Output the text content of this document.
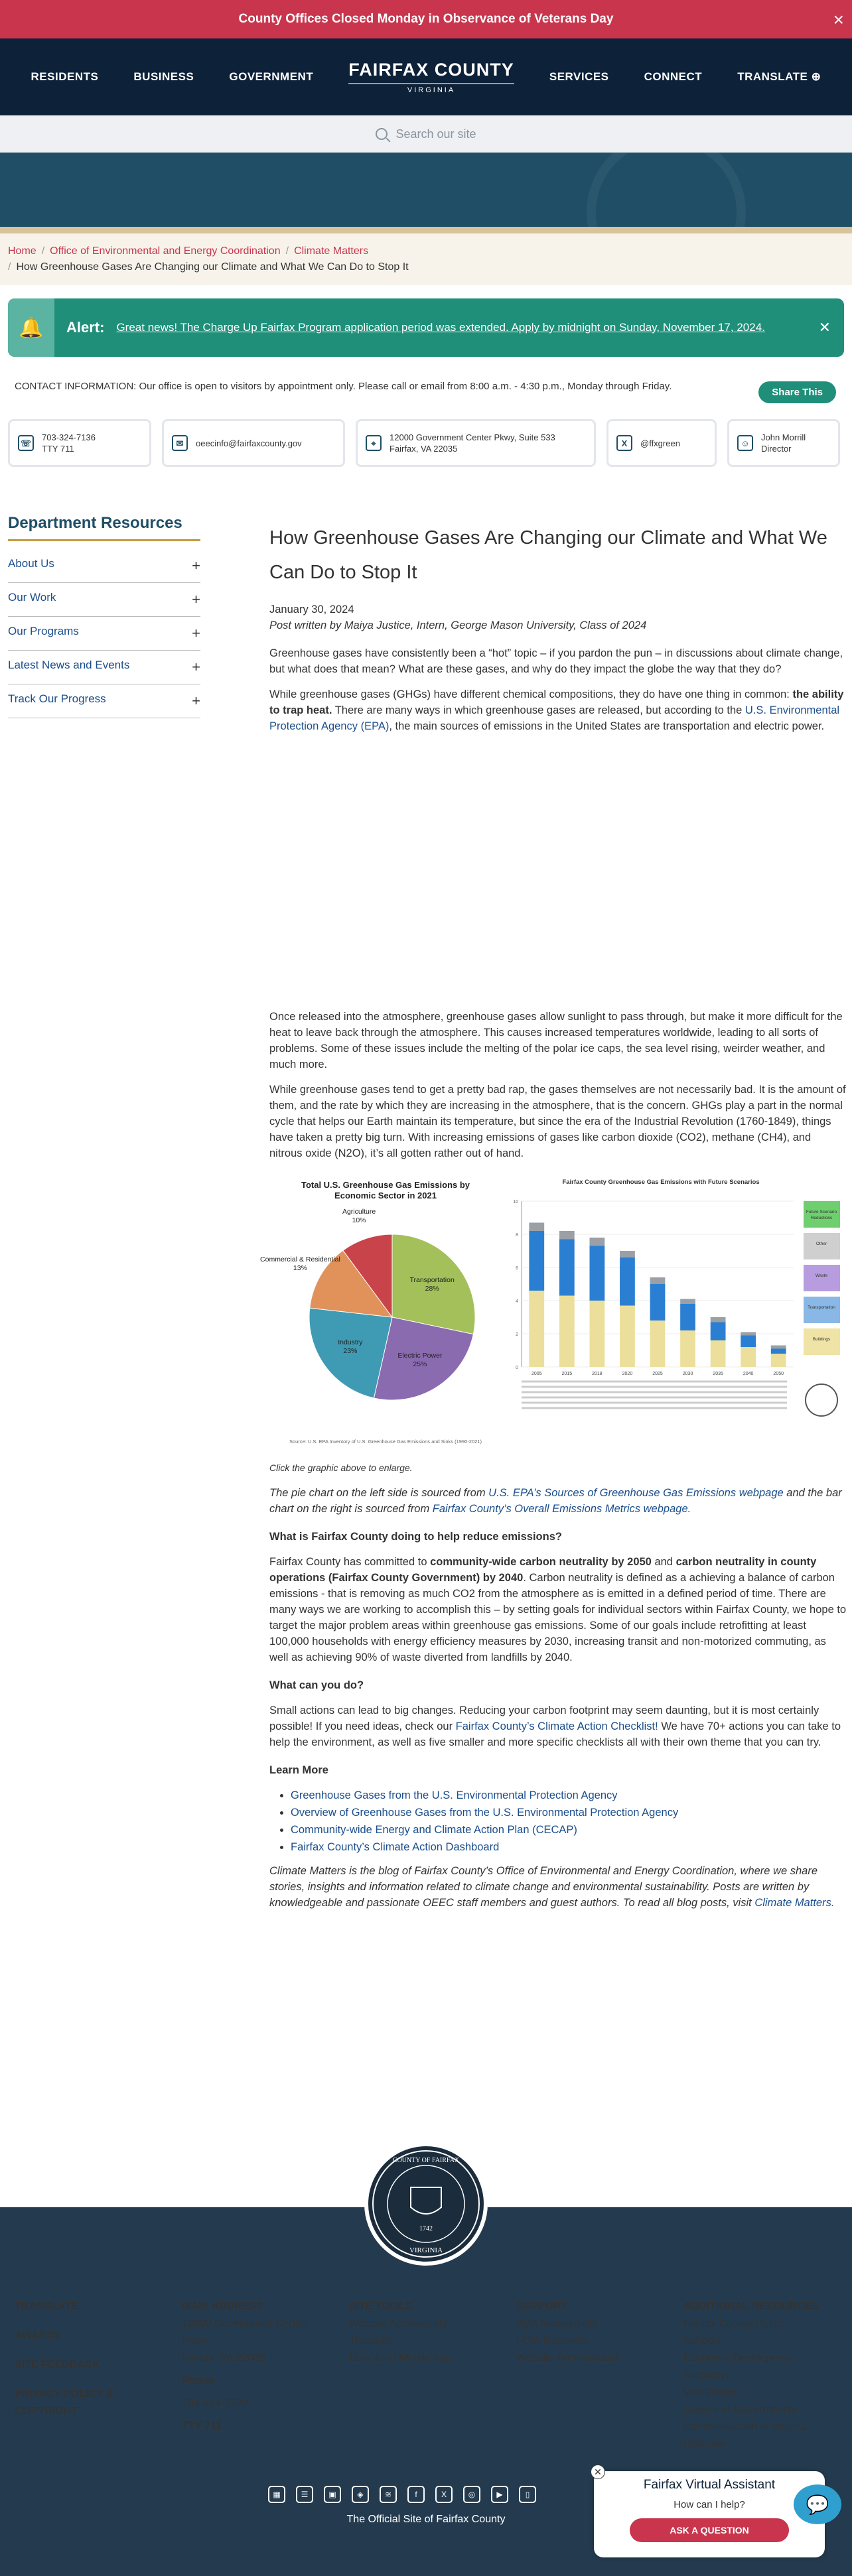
County Offices Closed Monday in Observance of Veterans Day	×
RESIDENTS	BUSINESS	GOVERNMENT FAIRFAX COUNTY
VIRGINIA
SERVICES	CONNECT	TRANSLATE ⊕
Search our site
Home / Office of Environmental and Energy Coordination / Climate Matters
/ How Greenhouse Gases Are Changing our Climate and What We Can Do to Stop It
🔔	Alert: Great news! The Charge Up Fairfax Program application period was extended. Apply by midnight on Sunday, November 17, 2024.	✕
CONTACT INFORMATION: Our office is open to visitors by appointment only. Please call or email from 8:00 a.m. - 4:30 p.m., Monday through Friday.
Share This
☏
703-324-7136
TTY 711
✉	oeecinfo@fairfaxcounty.gov	⌖
12000 Government Center Pkwy, Suite 533
Fairfax, VA 22035
X	@ffxgreen	☺
John Morrill
Director
Department Resources
About Us	+
Our Work	+
Our Programs	+
Latest News and Events	+
Track Our Progress	+
How Greenhouse Gases Are Changing our Climate and What We Can Do to Stop It

January 30, 2024

Post written by Maiya Justice, Intern, George Mason University, Class of 2024

Greenhouse gases have consistently been a “hot” topic – if you pardon the pun – in discussions about climate change, but what does that mean? What are these gases, and why do they impact the globe the way that they do?

While greenhouse gases (GHGs) have different chemical compositions, they do have one thing in common: the ability to trap heat. There are many ways in which greenhouse gases are released, but according to the U.S. Environmental Protection Agency (EPA), the main sources of emissions in the United States are transportation and electric power.

Once released into the atmosphere, greenhouse gases allow sunlight to pass through, but make it more difficult for the heat to leave back through the atmosphere. This causes increased temperatures worldwide, leading to all sorts of problems. Some of these issues include the melting of the polar ice caps, the sea level rising, weirder weather, and much more.

While greenhouse gases tend to get a pretty bad rap, the gases themselves are not necessarily bad. It is the amount of them, and the rate by which they are increasing in the atmosphere, that is the concern. GHGs play a part in the normal cycle that helps our Earth maintain its temperature, but since the era of the Industrial Revolution (1760-1849), things have taken a pretty big turn. With increasing emissions of gases like carbon dioxide (CO2), methane (CH4), and nitrous oxide (N2O), it’s all gotten rather out of hand.

Total U.S. Greenhouse Gas Emissions by
Economic Sector in 2021
Transportation
28%
Electric Power
25%
Industry
23%
Commercial & Residential
13%
Agriculture
10%
Source: U.S. EPA Inventory of U.S. Greenhouse Gas Emissions and Sinks (1990-2021)
Fairfax County Greenhouse Gas Emissions with Future Scenarios
0
2
4
6
8
10
2005	2015	2018	2020	2025	2030	2035	2040	2050
Future Scenario
Reductions
Other
Waste
Transportation
Buildings

Click the graphic above to enlarge.

The pie chart on the left side is sourced from U.S. EPA’s Sources of Greenhouse Gas Emissions webpage and the bar chart on the right is sourced from Fairfax County’s Overall Emissions Metrics webpage.

What is Fairfax County doing to help reduce emissions?

Fairfax County has committed to community-wide carbon neutrality by 2050 and carbon neutrality in county operations (Fairfax County Government) by 2040. Carbon neutrality is defined as a achieving a balance of carbon emissions - that is removing as much CO2 from the atmosphere as is emitted in a defined period of time. There are many ways we are working to accomplish this – by setting goals for individual sectors within Fairfax County, we hope to target the major problem areas within greenhouse gas emissions. Some of our goals include retrofitting at least 100,000 households with energy efficiency measures by 2030, increasing transit and non-motorized commuting, as well as achieving 90% of waste diverted from landfills by 2040.

What can you do?

Small actions can lead to big changes. Reducing your carbon footprint may seem daunting, but it is most certainly possible! If you need ideas, check our Fairfax County’s Climate Action Checklist! We have 70+ actions you can take to help the environment, as well as five smaller and more specific checklists all with their own theme that you can try.

Learn More
• Greenhouse Gases from the U.S. Environmental Protection Agency
• Overview of Greenhouse Gases from the U.S. Environmental Protection Agency
• Community-wide Energy and Climate Action Plan (CECAP)
• Fairfax County’s Climate Action Dashboard

Climate Matters is the blog of Fairfax County’s Office of Environmental and Energy Coordination, where we share stories, insights and information related to climate change and environmental sustainability. Posts are written by knowledgeable and passionate OEEC staff members and guest authors. To read all blog posts, visit Climate Matters.

COUNTY OF FAIRFAX
1742
VIRGINIA
TRANSLATE
AWARDS
SITE FEEDBACK
PRIVACY POLICY &
COPYRIGHT
MAIN ADDRESS
12000 Government Center
Pkwy
Fairfax, VA 22035
Phone
703-324-7329
TTY 711
SITE TOOLS
Website Accessibility
Translate
Download Mobile App
SUPPORT
ADA Accessibility
FOIA Requests
Website Administrator
ADDITIONAL RESOURCES
Fairfax County Public
Schools
Economic Development
Authority
Visit Fairfax
Council of Governments
Commonwealth of Virginia
USA.gov
▦	☰	▣	◈	≋	f	X	◎	▶	▯
The Official Site of Fairfax County
Fairfax Virtual Assistant
How can I help?
ASK A QUESTION
✕
💬
